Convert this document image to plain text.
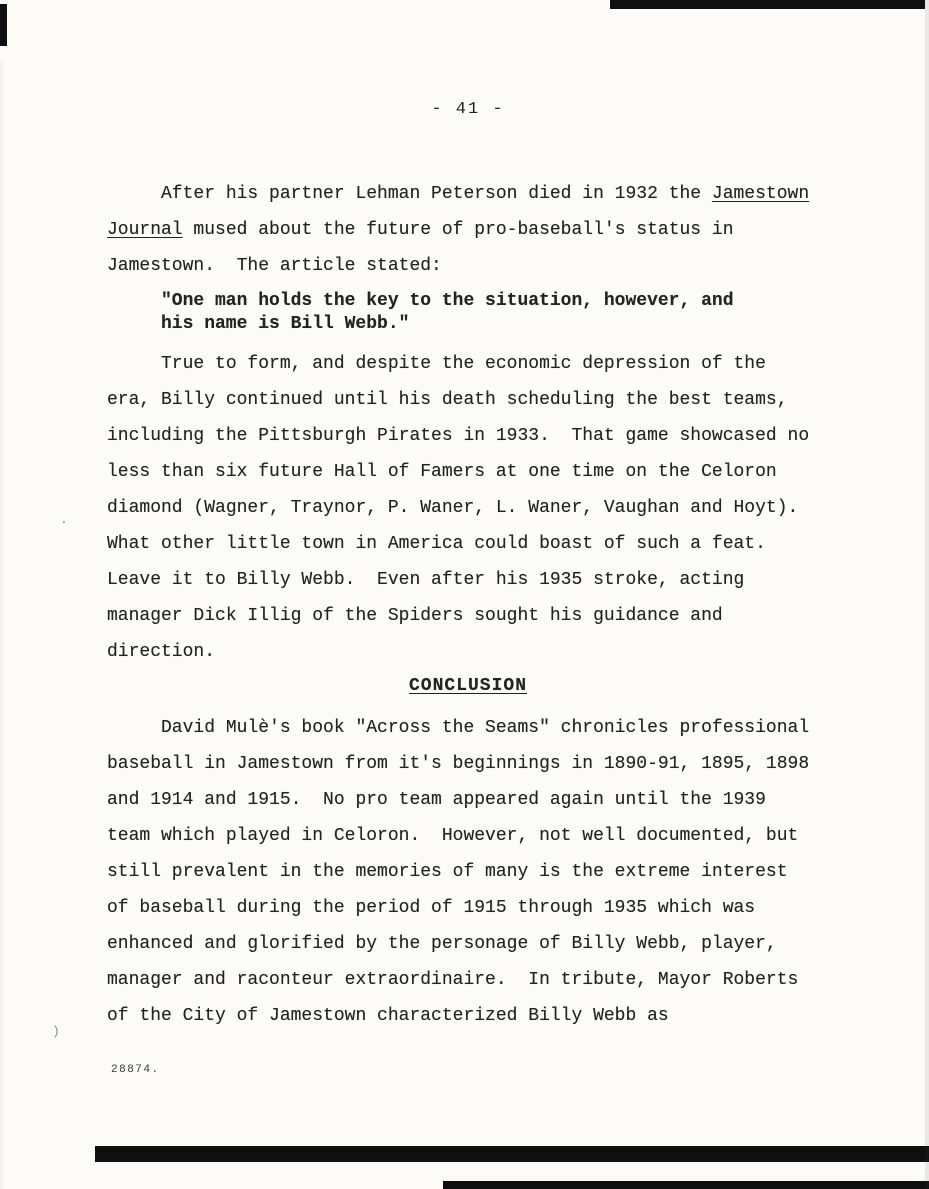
)
.
- 41 -
After his partner Lehman Peterson died in 1932 the Jamestown
Journal mused about the future of pro-baseball's status in
Jamestown.  The article stated:
"One man holds the key to the situation, however, and
his name is Bill Webb."
True to form, and despite the economic depression of the
era, Billy continued until his death scheduling the best teams,
including the Pittsburgh Pirates in 1933.  That game showcased no
less than six future Hall of Famers at one time on the Celoron
diamond (Wagner, Traynor, P. Waner, L. Waner, Vaughan and Hoyt).
What other little town in America could boast of such a feat.
Leave it to Billy Webb.  Even after his 1935 stroke, acting
manager Dick Illig of the Spiders sought his guidance and
direction.
CONCLUSION
David Mulè's book "Across the Seams" chronicles professional
baseball in Jamestown from it's beginnings in 1890-91, 1895, 1898
and 1914 and 1915.  No pro team appeared again until the 1939
team which played in Celoron.  However, not well documented, but
still prevalent in the memories of many is the extreme interest
of baseball during the period of 1915 through 1935 which was
enhanced and glorified by the personage of Billy Webb, player,
manager and raconteur extraordinaire.  In tribute, Mayor Roberts
of the City of Jamestown characterized Billy Webb as
28874.
